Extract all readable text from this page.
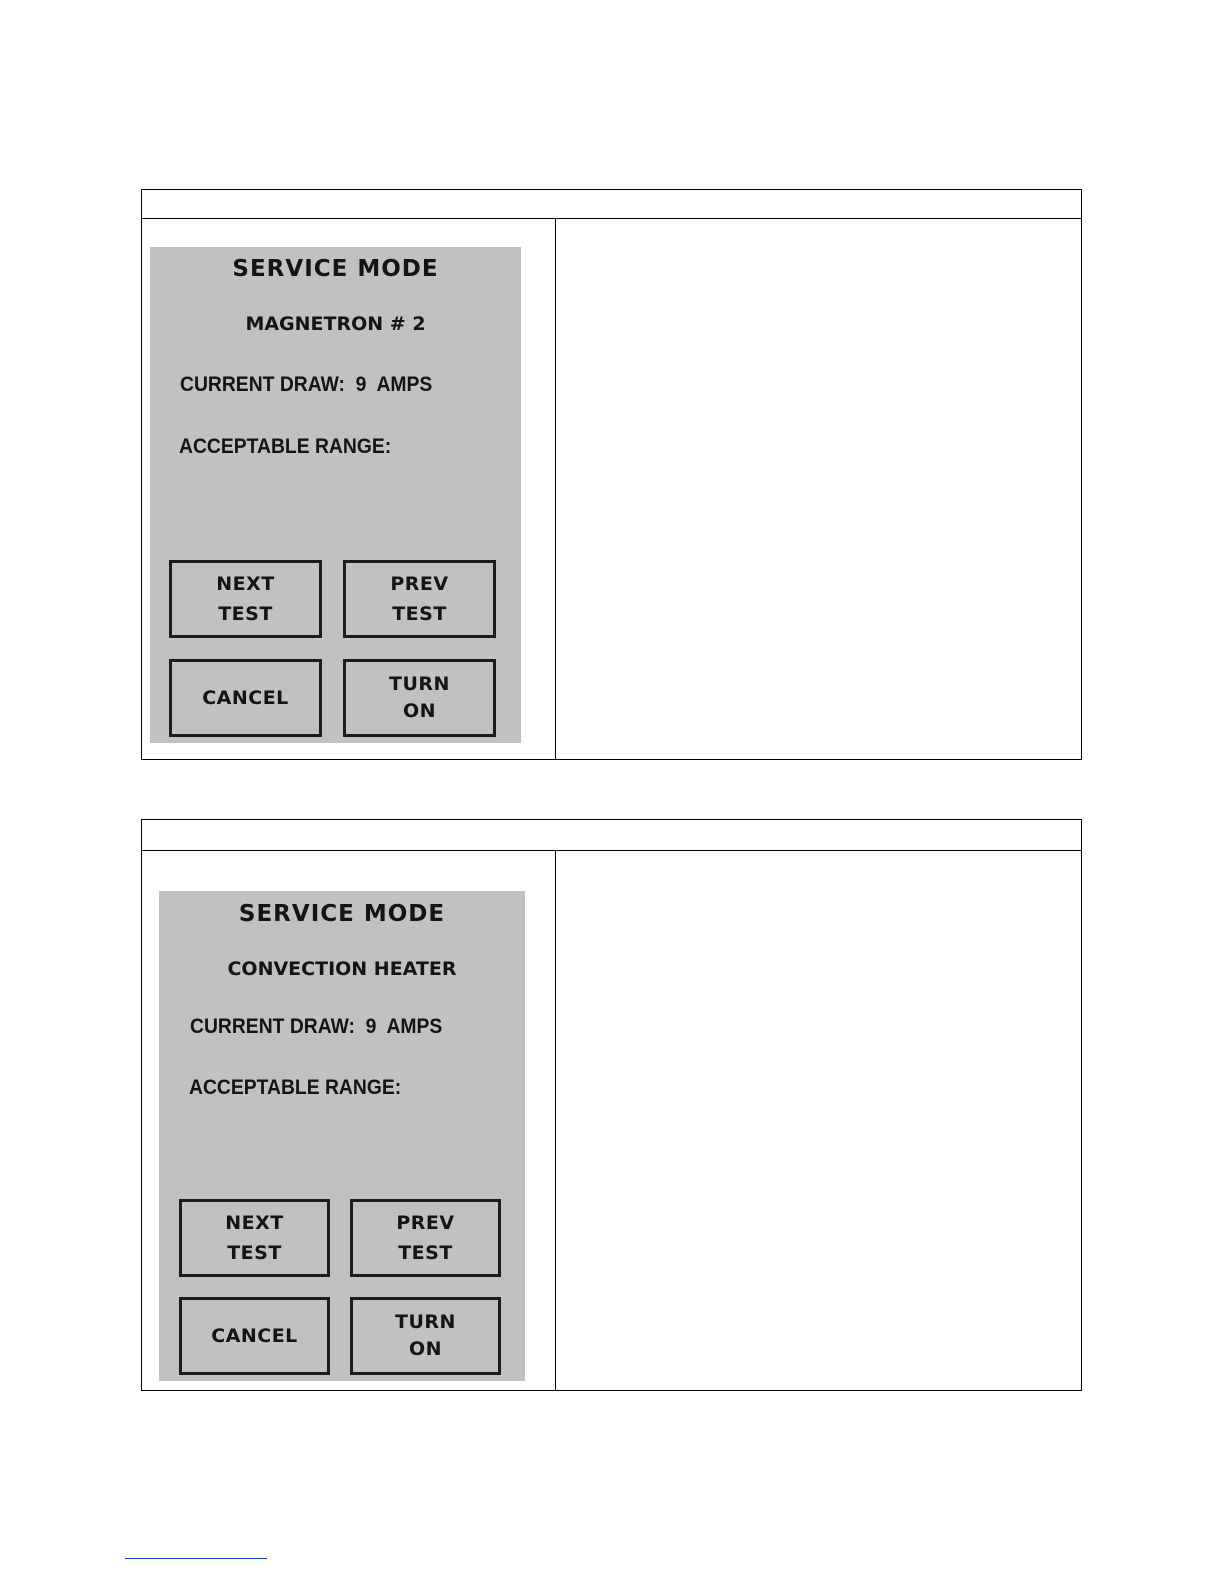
SERVICE MODE
MAGNETRON # 2
CURRENT DRAW: 9 AMPS
ACCEPTABLE RANGE:
NEXT
TEST
PREV
TEST
CANCEL
TURN
ON
SERVICE MODE
CONVECTION HEATER
CURRENT DRAW: 9 AMPS
ACCEPTABLE RANGE:
NEXT
TEST
PREV
TEST
CANCEL
TURN
ON
